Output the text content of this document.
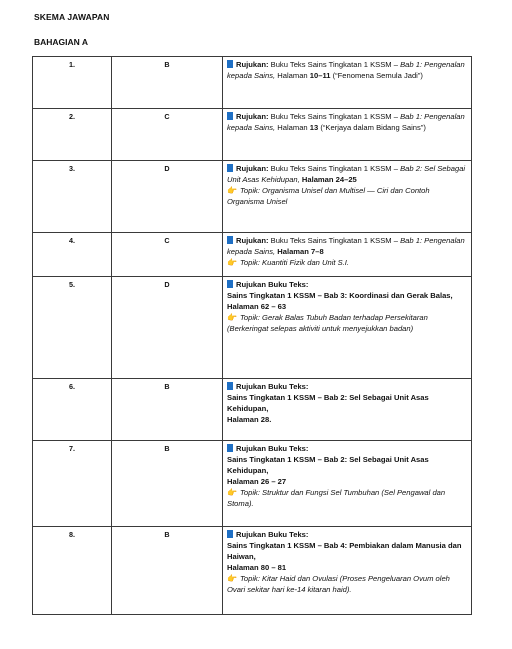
SKEMA JAWAPAN
BAHAGIAN A
1.	B	Rujukan: Buku Teks Sains Tingkatan 1 KSSM – Bab 1: Pengenalan kepada Sains, Halaman 10–11 (“Fenomena Semula Jadi”)
2.	C	Rujukan: Buku Teks Sains Tingkatan 1 KSSM – Bab 1: Pengenalan kepada Sains, Halaman 13 (“Kerjaya dalam Bidang Sains”)
3.	D	Rujukan: Buku Teks Sains Tingkatan 1 KSSM – Bab 2: Sel Sebagai Unit Asas Kehidupan, Halaman 24–25
👉 Topik: Organisma Unisel dan Multisel — Ciri dan Contoh Organisma Unisel
4.	C	Rujukan: Buku Teks Sains Tingkatan 1 KSSM – Bab 1: Pengenalan kepada Sains, Halaman 7–8
👉 Topik: Kuantiti Fizik dan Unit S.I.
5.	D	Rujukan Buku Teks:
Sains Tingkatan 1 KSSM – Bab 3: Koordinasi dan Gerak Balas,
Halaman 62 – 63
👉 Topik: Gerak Balas Tubuh Badan terhadap Persekitaran (Berkeringat selepas aktiviti untuk menyejukkan badan)
6.	B	Rujukan Buku Teks:
Sains Tingkatan 1 KSSM – Bab 2: Sel Sebagai Unit Asas Kehidupan,
Halaman 28.
7.	B	Rujukan Buku Teks:
Sains Tingkatan 1 KSSM – Bab 2: Sel Sebagai Unit Asas Kehidupan,
Halaman 26 – 27
👉 Topik: Struktur dan Fungsi Sel Tumbuhan (Sel Pengawal dan Stoma).
8.	B	Rujukan Buku Teks:
Sains Tingkatan 1 KSSM – Bab 4: Pembiakan dalam Manusia dan Haiwan,
Halaman 80 – 81
👉 Topik: Kitar Haid dan Ovulasi (Proses Pengeluaran Ovum oleh Ovari sekitar hari ke-14 kitaran haid).
